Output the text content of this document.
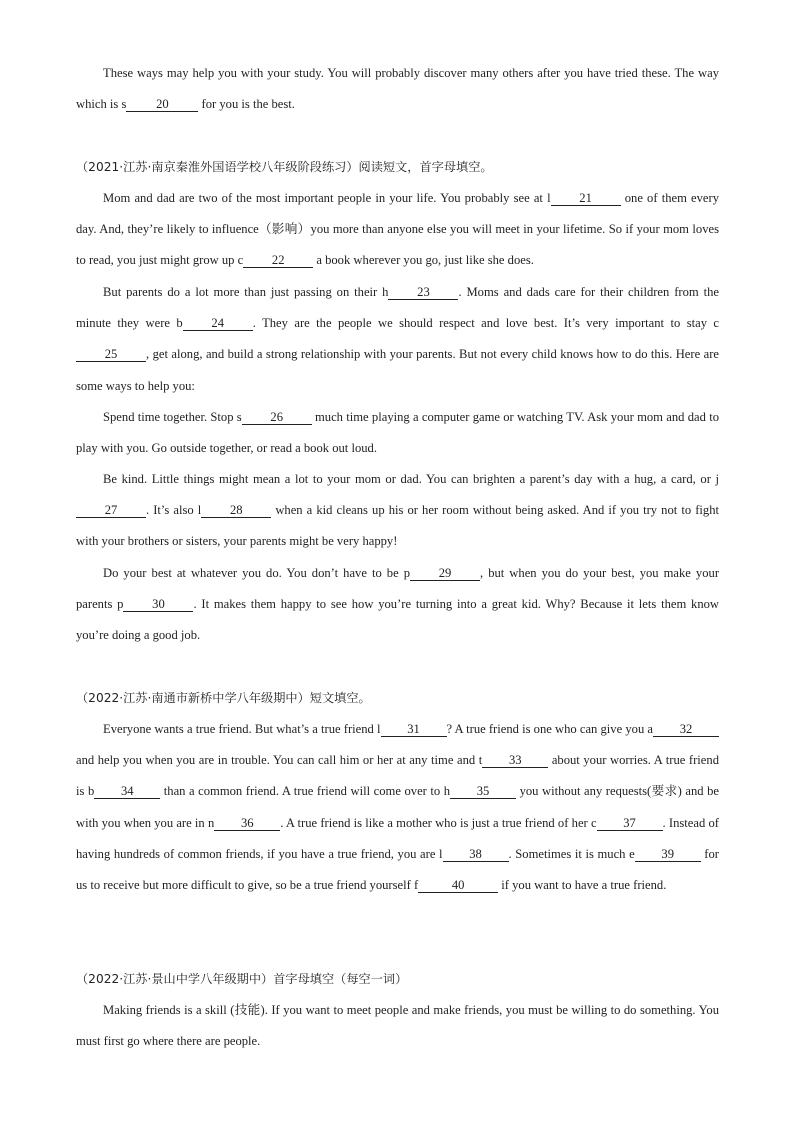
These ways may help you with your study. You will probably discover many others after you have tried these. The way which is s 20 for you is the best.

（2021·江苏·南京秦淮外国语学校八年级阶段练习）阅读短文，首字母填空。

Mom and dad are two of the most important people in your life. You probably see at l 21 one of them every day. And, they’re likely to influence（影响）you more than anyone else you will meet in your lifetime. So if your mom loves to read, you just might grow up c 22 a book wherever you go, just like she does.

But parents do a lot more than just passing on their h 23 . Moms and dads care for their children from the minute they were b 24 . They are the people we should respect and love best. It’s very important to stay c25 , get along, and build a strong relationship with your parents. But not every child knows how to do this. Here are some ways to help you:

Spend time together. Stop s 26 much time playing a computer game or watching TV. Ask your mom and dad to play with you. Go outside together, or read a book out loud.

Be kind. Little things might mean a lot to your mom or dad. You can brighten a parent’s day with a hug, a card, or j27 . It’s also l 28 when a kid cleans up his or her room without being asked. And if you try not to fight with your brothers or sisters, your parents might be very happy!

Do your best at whatever you do. You don’t have to be p 29 , but when you do your best, you make your parents p 30 . It makes them happy to see how you’re turning into a great kid. Why? Because it lets them know you’re doing a good job.

（2022·江苏·南通市新桥中学八年级期中）短文填空。

Everyone wants a true friend. But what’s a true friend l 31 ? A true friend is one who can give you a 32 and help you when you are in trouble. You can call him or her at any time and t 33 about your worries. A true friend is b 34 than a common friend. A true friend will come over to h 35 you without any requests(要求) and be with you when you are in n 36 . A true friend is like a mother who is just a true friend of her c 37 . Instead of having hundreds of common friends, if you have a true friend, you are l 38 . Sometimes it is much e 39 for us to receive but more difficult to give, so be a true friend yourself f	40	if you want to have a true friend.

（2022·江苏·景山中学八年级期中）首字母填空（每空一词）

Making friends is a skill (技能). If you want to meet people and make friends, you must be willing to do something. You must first go where there are people.
